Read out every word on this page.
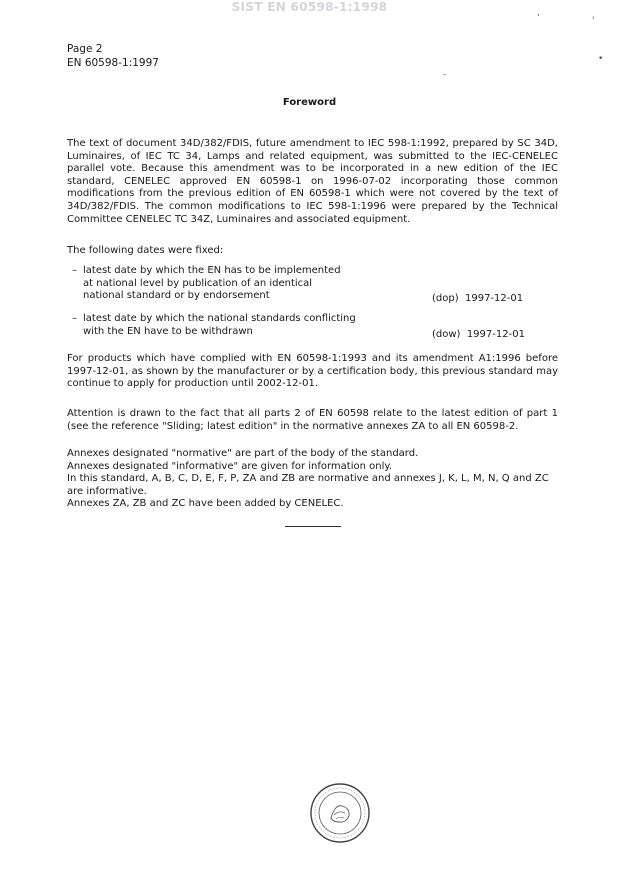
SIST EN 60598-1:1998
Page 2
EN 60598-1:1997
Foreword

The text of document 34D/382/FDIS, future amendment to IEC 598-1:1992, prepared by SC 34D, Luminaires, of IEC TC 34, Lamps and related equipment, was submitted to the IEC-CENELEC parallel vote. Because this amendment was to be incorporated in a new edition of the IEC standard, CENELEC approved EN 60598-1 on 1996-07-02 incorporating those common modifications from the previous edition of EN 60598-1 which were not covered by the text of 34D/382/FDIS. The common modifications to IEC 598-1:1996 were prepared by the Technical Committee CENELEC TC 34Z, Luminaires and associated equipment.

The following dates were fixed:

– latest date by which the EN has to be implemented
at national level by publication of an identical
national standard or by endorsement	(dop) 1997-12-01
– latest date by which the national standards conflicting
with the EN have to be withdrawn	(dow) 1997-12-01

For products which have complied with EN 60598-1:1993 and its amendment A1:1996 before 1997-12-01, as shown by the manufacturer or by a certification body, this previous standard may continue to apply for production until 2002-12-01.

Attention is drawn to the fact that all parts 2 of EN 60598 relate to the latest edition of part 1 (see the reference "Sliding; latest edition" in the normative annexes ZA to all EN 60598-2.

Annexes designated "normative" are part of the body of the standard.
Annexes designated "informative" are given for information only.
In this standard, A, B, C, D, E, F, P, ZA and ZB are normative and annexes J, K, L, M, N, Q and ZC are informative.
Annexes ZA, ZB and ZC have been added by CENELEC.
‚
'
•
-
